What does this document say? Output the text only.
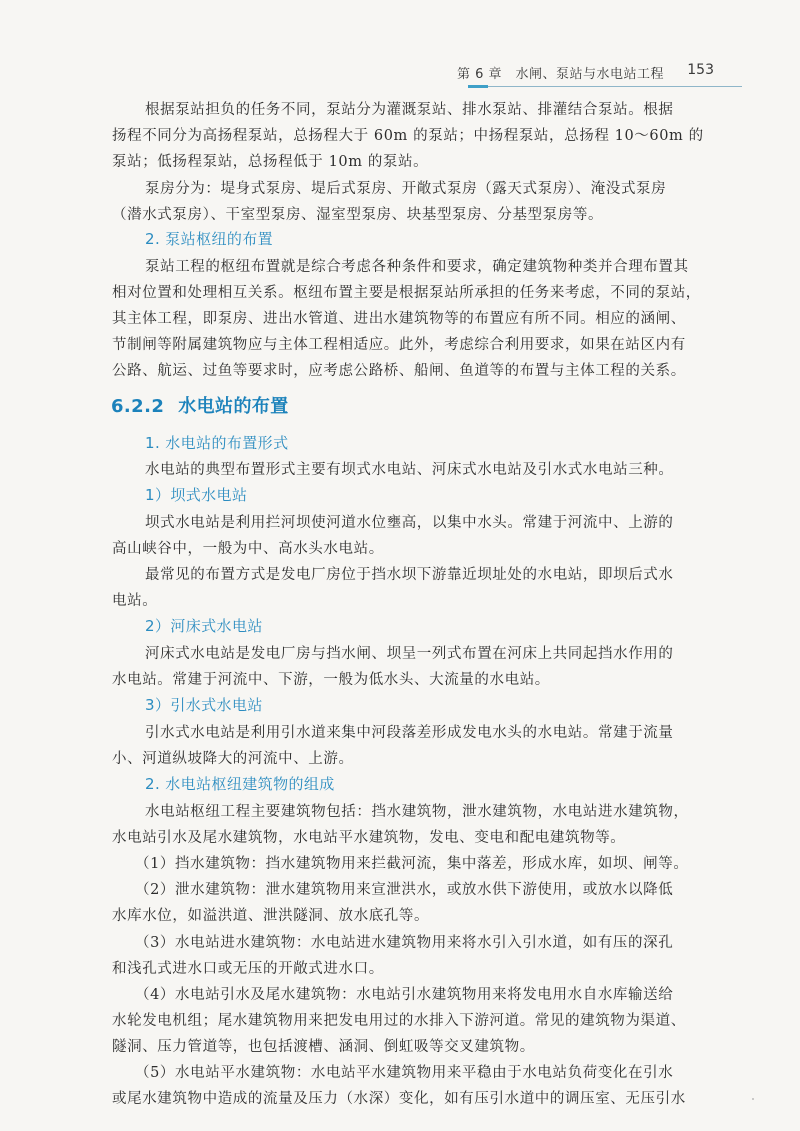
第 6 章　水闸、泵站与水电站工程 153
根据泵站担负的任务不同，泵站分为灌溉泵站、排水泵站、排灌结合泵站。根据
扬程不同分为高扬程泵站，总扬程大于 60m 的泵站；中扬程泵站，总扬程 10～60m 的
泵站；低扬程泵站，总扬程低于 10m 的泵站。
泵房分为：堤身式泵房、堤后式泵房、开敞式泵房（露天式泵房）、淹没式泵房
（潜水式泵房）、干室型泵房、湿室型泵房、块基型泵房、分基型泵房等。
2. 泵站枢纽的布置
泵站工程的枢纽布置就是综合考虑各种条件和要求，确定建筑物种类并合理布置其
相对位置和处理相互关系。枢纽布置主要是根据泵站所承担的任务来考虑，不同的泵站，
其主体工程，即泵房、进出水管道、进出水建筑物等的布置应有所不同。相应的涵闸、
节制闸等附属建筑物应与主体工程相适应。此外，考虑综合利用要求，如果在站区内有
公路、航运、过鱼等要求时，应考虑公路桥、船闸、鱼道等的布置与主体工程的关系。
6.2.2 水电站的布置
1. 水电站的布置形式
水电站的典型布置形式主要有坝式水电站、河床式水电站及引水式水电站三种。
1）坝式水电站
坝式水电站是利用拦河坝使河道水位壅高，以集中水头。常建于河流中、上游的
高山峡谷中，一般为中、高水头水电站。
最常见的布置方式是发电厂房位于挡水坝下游靠近坝址处的水电站，即坝后式水
电站。
2）河床式水电站
河床式水电站是发电厂房与挡水闸、坝呈一列式布置在河床上共同起挡水作用的
水电站。常建于河流中、下游，一般为低水头、大流量的水电站。
3）引水式水电站
引水式水电站是利用引水道来集中河段落差形成发电水头的水电站。常建于流量
小、河道纵坡降大的河流中、上游。
2. 水电站枢纽建筑物的组成
水电站枢纽工程主要建筑物包括：挡水建筑物，泄水建筑物，水电站进水建筑物，
水电站引水及尾水建筑物，水电站平水建筑物，发电、变电和配电建筑物等。
（1）挡水建筑物：挡水建筑物用来拦截河流，集中落差，形成水库，如坝、闸等。
（2）泄水建筑物：泄水建筑物用来宣泄洪水，或放水供下游使用，或放水以降低
水库水位，如溢洪道、泄洪隧洞、放水底孔等。
（3）水电站进水建筑物：水电站进水建筑物用来将水引入引水道，如有压的深孔
和浅孔式进水口或无压的开敞式进水口。
（4）水电站引水及尾水建筑物：水电站引水建筑物用来将发电用水自水库输送给
水轮发电机组；尾水建筑物用来把发电用过的水排入下游河道。常见的建筑物为渠道、
隧洞、压力管道等，也包括渡槽、涵洞、倒虹吸等交叉建筑物。
（5）水电站平水建筑物：水电站平水建筑物用来平稳由于水电站负荷变化在引水
或尾水建筑物中造成的流量及压力（水深）变化，如有压引水道中的调压室、无压引水
